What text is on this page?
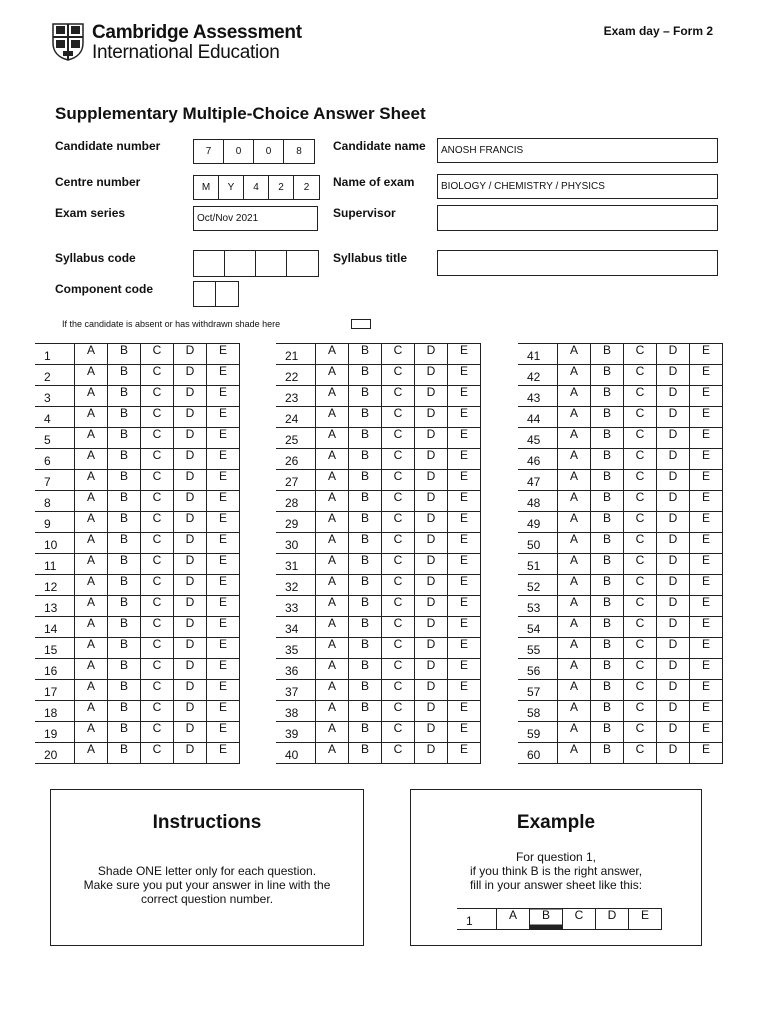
Cambridge Assessment
International Education
Exam day – Form 2
Supplementary Multiple-Choice Answer Sheet
Candidate number	7	0	0	8	Candidate name	ANOSH FRANCIS
Centre number	M	Y	4	2	2	Name of exam	BIOLOGY / CHEMISTRY / PHYSICS
Exam series	Oct/Nov 2021	Supervisor
Syllabus code	Syllabus title
Component code
If the candidate is absent or has withdrawn shade here
1	A	B	C	D	E
2	A	B	C	D	E
3	A	B	C	D	E
4	A	B	C	D	E
5	A	B	C	D	E
6	A	B	C	D	E
7	A	B	C	D	E
8	A	B	C	D	E
9	A	B	C	D	E
10	A	B	C	D	E
11	A	B	C	D	E
12	A	B	C	D	E
13	A	B	C	D	E
14	A	B	C	D	E
15	A	B	C	D	E
16	A	B	C	D	E
17	A	B	C	D	E
18	A	B	C	D	E
19	A	B	C	D	E
20	A	B	C	D	E
21	A	B	C	D	E
22	A	B	C	D	E
23	A	B	C	D	E
24	A	B	C	D	E
25	A	B	C	D	E
26	A	B	C	D	E
27	A	B	C	D	E
28	A	B	C	D	E
29	A	B	C	D	E
30	A	B	C	D	E
31	A	B	C	D	E
32	A	B	C	D	E
33	A	B	C	D	E
34	A	B	C	D	E
35	A	B	C	D	E
36	A	B	C	D	E
37	A	B	C	D	E
38	A	B	C	D	E
39	A	B	C	D	E
40	A	B	C	D	E
41	A	B	C	D	E
42	A	B	C	D	E
43	A	B	C	D	E
44	A	B	C	D	E
45	A	B	C	D	E
46	A	B	C	D	E
47	A	B	C	D	E
48	A	B	C	D	E
49	A	B	C	D	E
50	A	B	C	D	E
51	A	B	C	D	E
52	A	B	C	D	E
53	A	B	C	D	E
54	A	B	C	D	E
55	A	B	C	D	E
56	A	B	C	D	E
57	A	B	C	D	E
58	A	B	C	D	E
59	A	B	C	D	E
60	A	B	C	D	E
Instructions
Shade ONE letter only for each question.
Make sure you put your answer in line with the
correct question number.
Example
For question 1,
if you think B is the right answer,
fill in your answer sheet like this:
1	A	B	C	D	E
